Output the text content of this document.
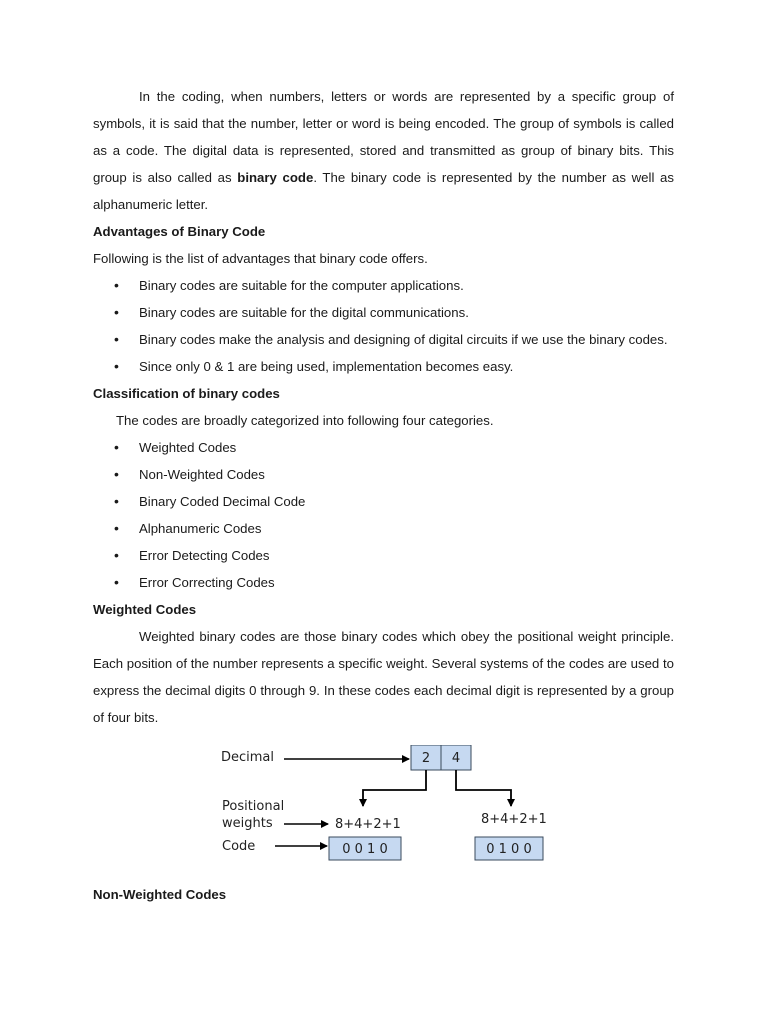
In the coding, when numbers, letters or words are represented by a specific group of symbols, it is said that the number, letter or word is being encoded. The group of symbols is called as a code. The digital data is represented, stored and transmitted as group of binary bits. This group is also called as binary code. The binary code is represented by the number as well as alphanumeric letter.

Advantages of Binary Code

Following is the list of advantages that binary code offers.

• Binary codes are suitable for the computer applications.
• Binary codes are suitable for the digital communications.
• Binary codes make the analysis and designing of digital circuits if we use the binary codes.
• Since only 0 & 1 are being used, implementation becomes easy.

Classification of binary codes

The codes are broadly categorized into following four categories.

• Weighted Codes
• Non-Weighted Codes
• Binary Coded Decimal Code
• Alphanumeric Codes
• Error Detecting Codes
• Error Correcting Codes

Weighted Codes

Weighted binary codes are those binary codes which obey the positional weight principle. Each position of the number represents a specific weight. Several systems of the codes are used to express the decimal digits 0 through 9. In these codes each decimal digit is represented by a group of four bits.

2 4
8+4+2+1	8+4+2+1
0 0 1 0	0 1 0 0
Decimal
Positional
weights
Code

Non-Weighted Codes
